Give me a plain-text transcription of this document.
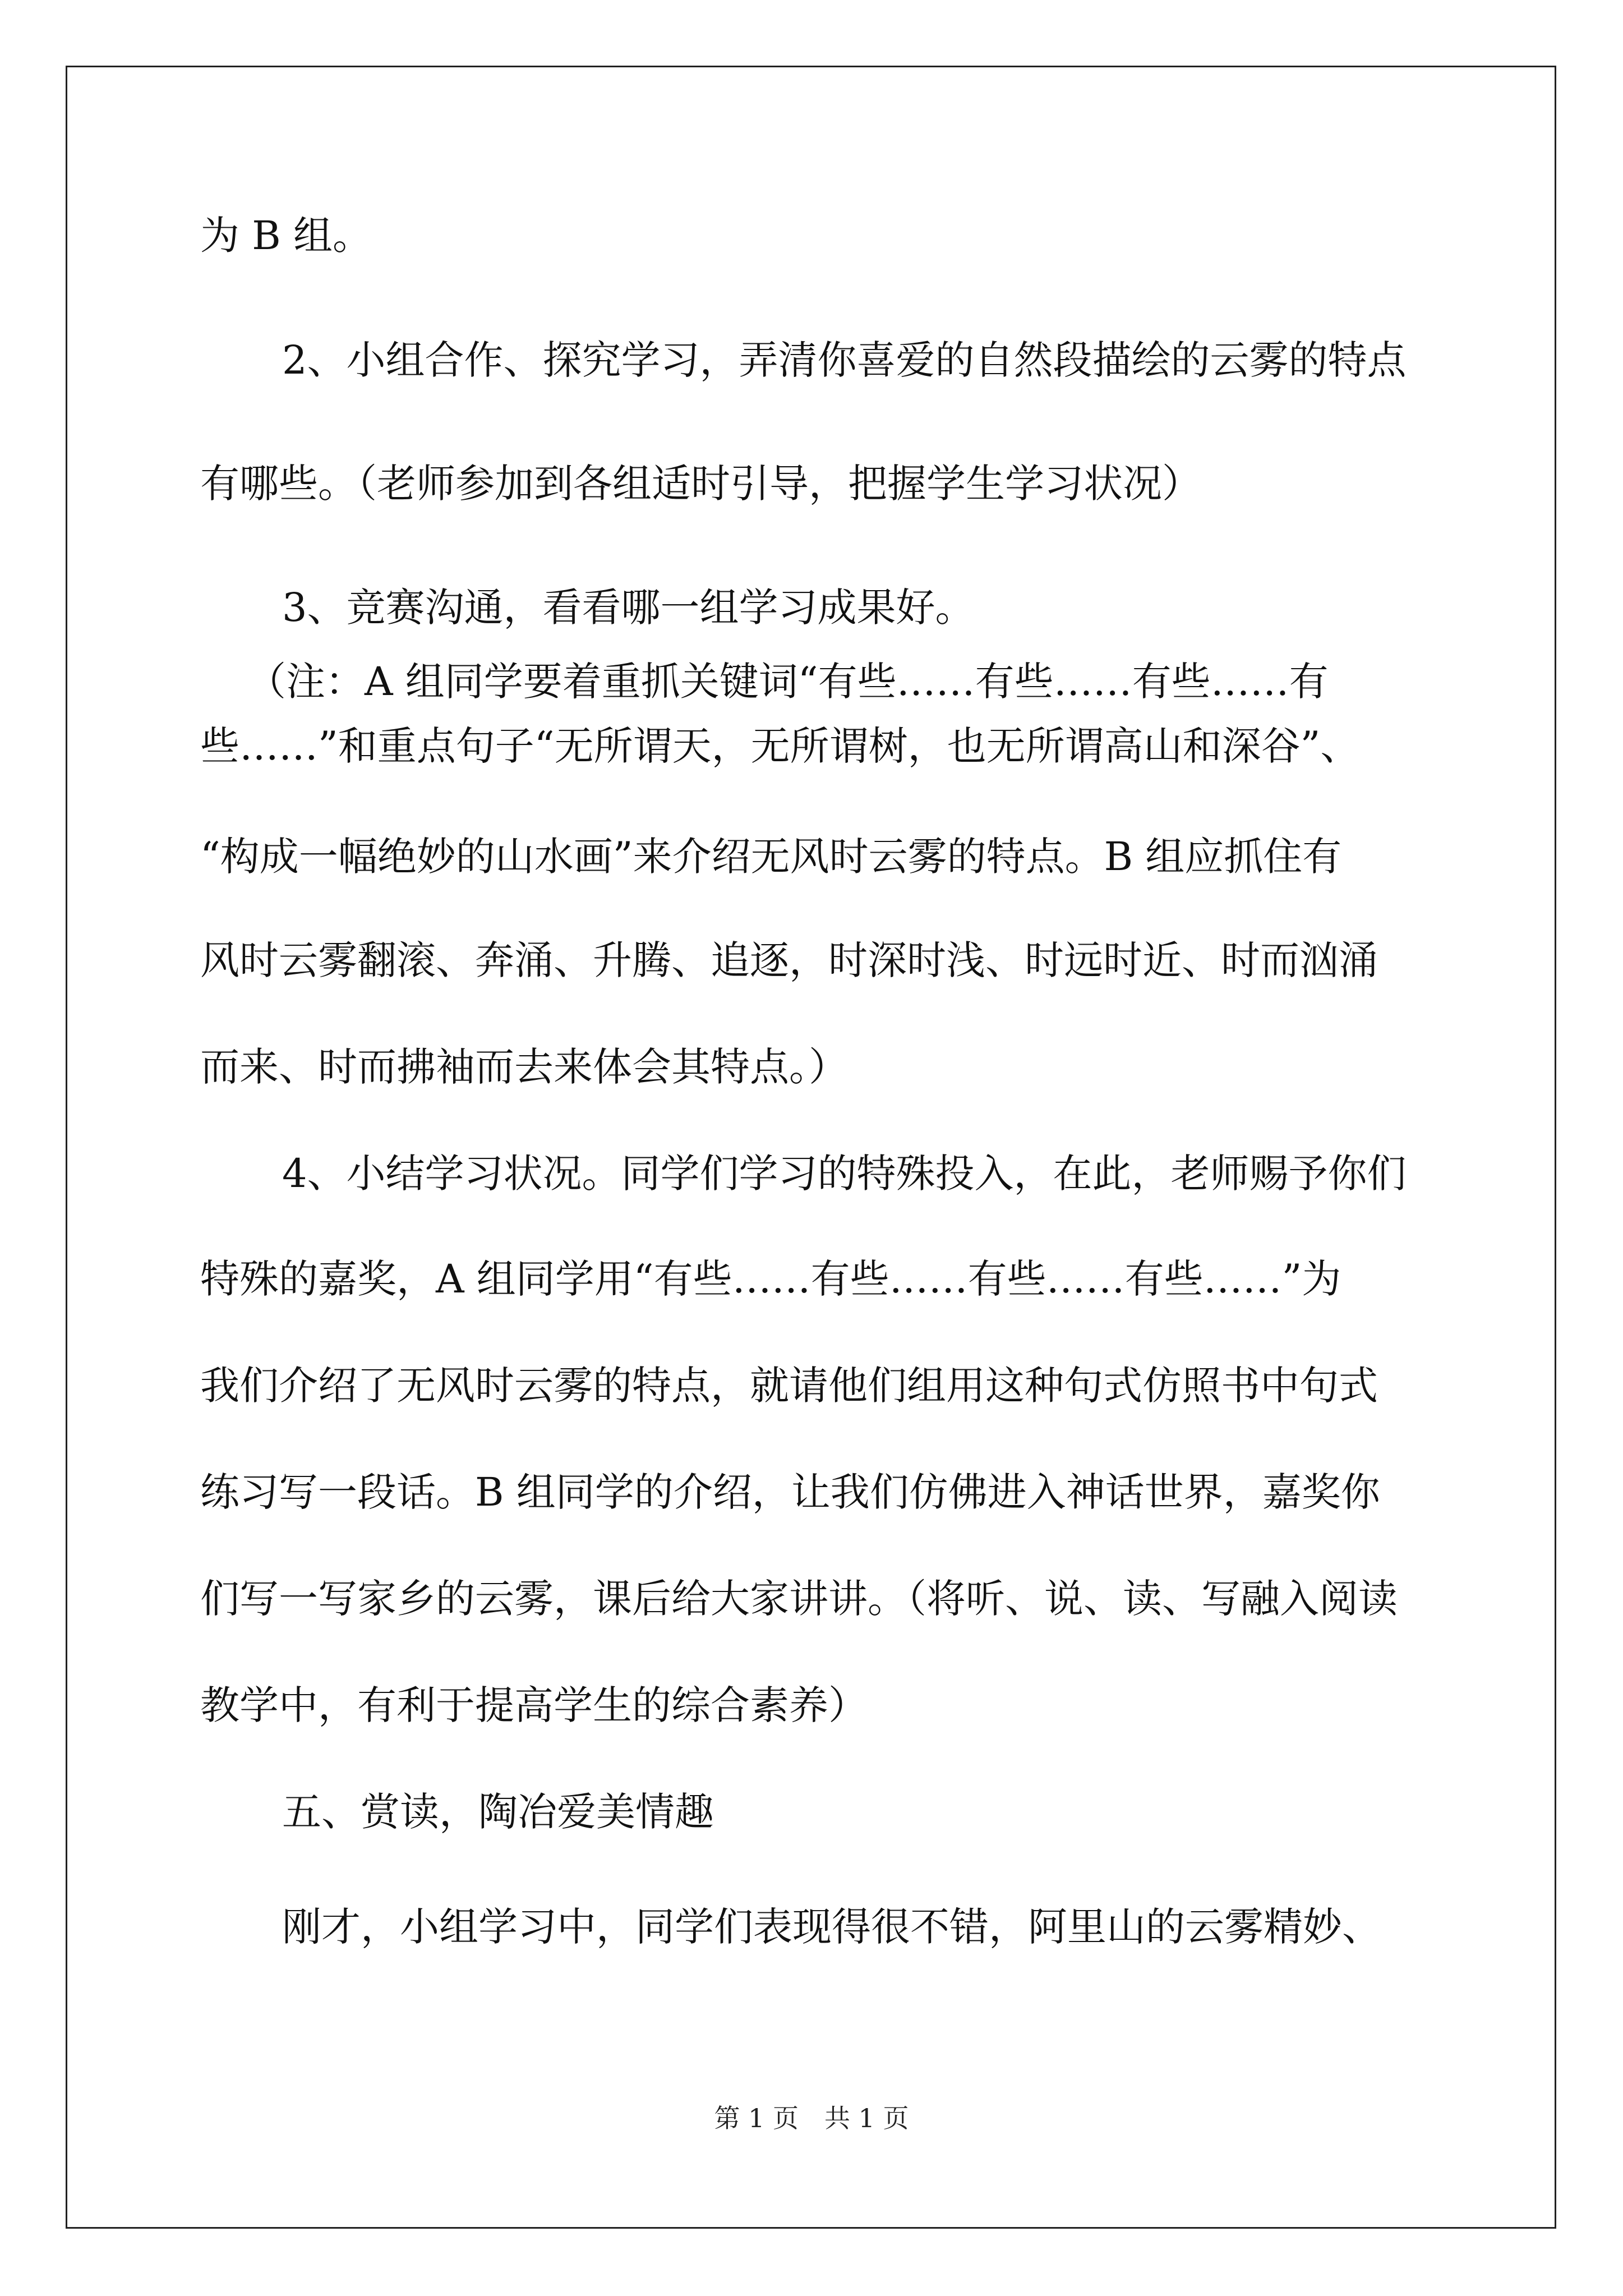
为 B 组。

2、小组合作、探究学习，弄清你喜爱的自然段描绘的云雾的特点

有哪些。（老师参加到各组适时引导，把握学生学习状况）

3、竞赛沟通，看看哪一组学习成果好。

（注：A 组同学要着重抓关键词“有些……有些……有些……有

些……”和重点句子“无所谓天，无所谓树，也无所谓高山和深谷”、

“构成一幅绝妙的山水画”来介绍无风时云雾的特点。B 组应抓住有

风时云雾翻滚、奔涌、升腾、追逐，时深时浅、时远时近、时而汹涌

而来、时而拂袖而去来体会其特点。）

4、小结学习状况。同学们学习的特殊投入，在此，老师赐予你们

特殊的嘉奖，A 组同学用“有些……有些……有些……有些……”为

我们介绍了无风时云雾的特点，就请他们组用这种句式仿照书中句式

练习写一段话。B 组同学的介绍，让我们仿佛进入神话世界，嘉奖你

们写一写家乡的云雾，课后给大家讲讲。（将听、说、读、写融入阅读

教学中，有利于提高学生的综合素养）

五、赏读，陶冶爱美情趣

刚才，小组学习中，同学们表现得很不错，阿里山的云雾精妙、

第 1 页　共 1 页
